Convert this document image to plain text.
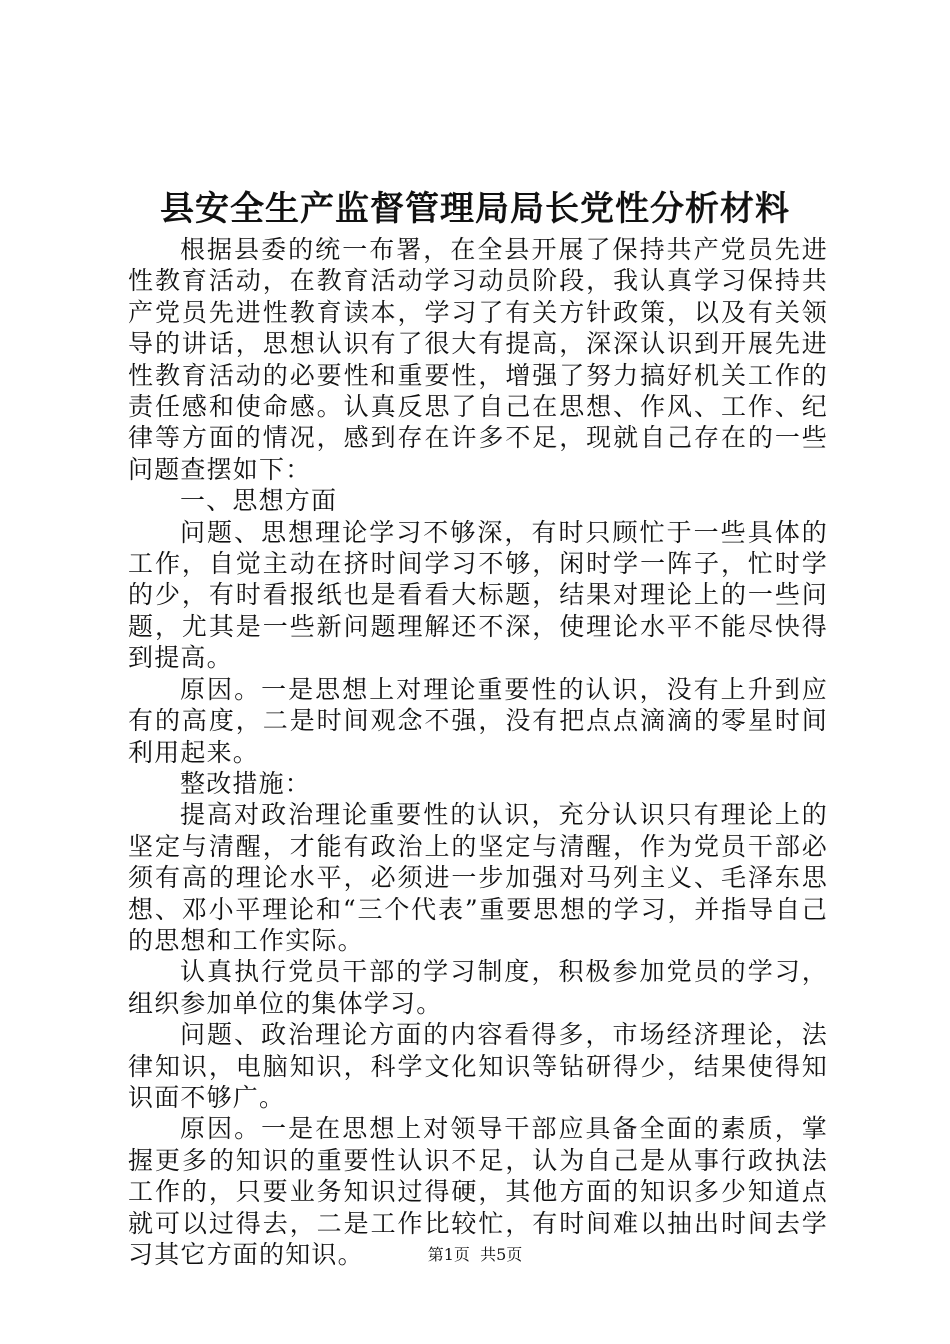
县安全生产监督管理局局长党性分析材料

根据县委的统一布署，在全县开展了保持共产党员先进性教育活动，在教育活动学习动员阶段，我认真学习保持共产党员先进性教育读本，学习了有关方针政策，以及有关领导的讲话，思想认识有了很大有提高，深深认识到开展先进性教育活动的必要性和重要性，增强了努力搞好机关工作的责任感和使命感。认真反思了自己在思想、作风、工作、纪律等方面的情况，感到存在许多不足，现就自己存在的一些问题查摆如下：

一、思想方面

问题、思想理论学习不够深，有时只顾忙于一些具体的工作，自觉主动在挤时间学习不够，闲时学一阵子，忙时学的少，有时看报纸也是看看大标题，结果对理论上的一些问题，尤其是一些新问题理解还不深，使理论水平不能尽快得到提高。

原因。一是思想上对理论重要性的认识，没有上升到应有的高度，二是时间观念不强，没有把点点滴滴的零星时间利用起来。

整改措施：

提高对政治理论重要性的认识，充分认识只有理论上的坚定与清醒，才能有政治上的坚定与清醒，作为党员干部必须有高的理论水平，必须进一步加强对马列主义、毛泽东思想、邓小平理论和“三个代表”重要思想的学习，并指导自己的思想和工作实际。

认真执行党员干部的学习制度，积极参加党员的学习，组织参加单位的集体学习。

问题、政治理论方面的内容看得多，市场经济理论，法律知识，电脑知识，科学文化知识等钻研得少，结果使得知识面不够广。

原因。一是在思想上对领导干部应具备全面的素质，掌握更多的知识的重要性认识不足，认为自己是从事行政执法工作的，只要业务知识过得硬，其他方面的知识多少知道点就可以过得去，二是工作比较忙，有时间难以抽出时间去学习其它方面的知识。	第1页 共5页
